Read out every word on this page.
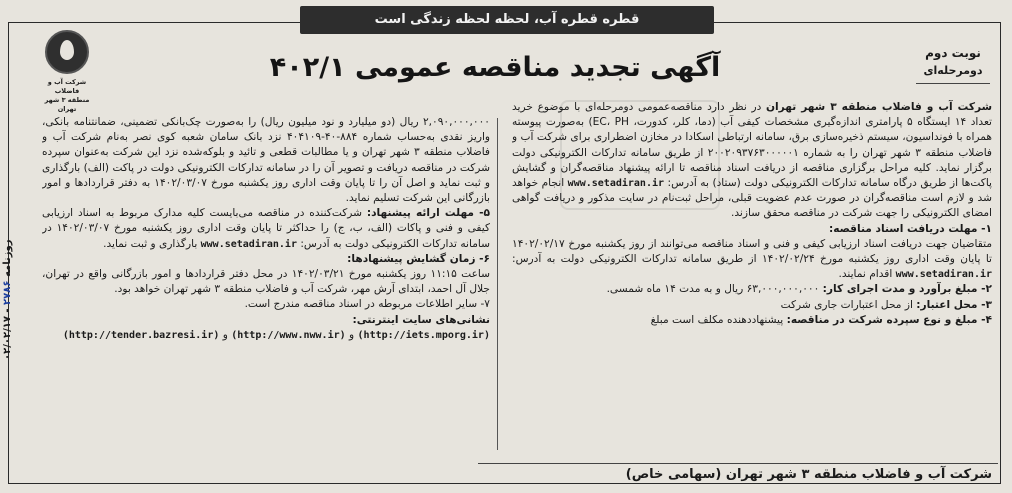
قطره قطره آب، لحظه لحظه زندگی است
شرکت آب و فاضلاب
منطقه ۳ شهر تهران
آگهی تجدید مناقصه عمومی ۴۰۲/۱	نوبت دوم
دومرحله‌ای

شرکت آب و فاضلاب منطقه ۳ شهر تهران در نظر دارد مناقصه‌عمومی دومرحله‌ای با موضوع خرید تعداد ۱۴ ایستگاه ۵ پارامتری اندازه‌گیری مشخصات کیفی آب (دما، کلر، کدورت، EC، PH) به‌صورت پیوسته همراه با فونداسیون، سیستم ذخیره‌سازی برق، سامانه ارتباطی اسکادا در مخازن اضطراری برای شرکت آب و فاضلاب منطقه ۳ شهر تهران را به شماره ۲۰۰۲۰۹۳۷۶۳۰۰۰۰۰۱ از طریق سامانه تدارکات الکترونیکی دولت برگزار نماید. کلیه مراحل برگزاری مناقصه از دریافت اسناد مناقصه تا ارائه پیشنهاد مناقصه‌گران و گشایش پاکت‌ها از طریق درگاه سامانه تدارکات الکترونیکی دولت (ستاد) به آدرس: www.setadiran.ir انجام خواهد شد و لازم است مناقصه‌گران در صورت عدم عضویت قبلی، مراحل ثبت‌نام در سایت مذکور و دریافت گواهی امضای الکترونیکی را جهت شرکت در مناقصه محقق سازند.

۱- مهلت دریافت اسناد مناقصه:

متقاضیان جهت دریافت اسناد ارزیابی کیفی و فنی و اسناد مناقصه می‌توانند از روز یکشنبه مورخ ۱۴۰۲/۰۲/۱۷ تا پایان وقت اداری روز یکشنبه مورخ ۱۴۰۲/۰۲/۲۴ از طریق سامانه تدارکات الکترونیکی دولت به آدرس: www.setadiran.ir اقدام نمایند.

۲- مبلغ برآورد و مدت اجرای کار: ۶۳,۰۰۰,۰۰۰,۰۰۰ ریال و به مدت ۱۴ ماه شمسی.

۳- محل اعتبار: از محل اعتبارات جاری شرکت

۴- مبلغ و نوع سپرده شرکت در مناقصه: پیشنهاددهنده مکلف است مبلغ

۲,۰۹۰,۰۰۰,۰۰۰ ریال (دو میلیارد و نود میلیون ریال) را به‌صورت چک‌بانکی تضمینی، ضمانتنامه بانکی، واریز نقدی به‌حساب شماره ۸۸۴-۴۰-۴۰۴۱۰۹ نزد بانک سامان شعبه کوی نصر به‌نام شرکت آب و فاضلاب منطقه ۳ شهر تهران و یا مطالبات قطعی و تائید و بلوکه‌شده نزد این شرکت به‌عنوان سپرده شرکت در مناقصه دریافت و تصویر آن را در سامانه تدارکات الکترونیکی دولت در پاکت (الف) بارگذاری و ثبت نماید و اصل آن را تا پایان وقت اداری روز یکشنبه مورخ ۱۴۰۲/۰۳/۰۷ به دفتر قراردادها و امور بازرگانی این شرکت تسلیم نماید.

۵- مهلت ارائه پیشنهاد: شرکت‌کننده در مناقصه می‌بایست کلیه مدارک مربوط به اسناد ارزیابی کیفی و فنی و پاکات (الف، ب، ج) را حداکثر تا پایان وقت اداری روز یکشنبه مورخ ۱۴۰۲/۰۳/۰۷ در سامانه تدارکات الکترونیکی دولت به آدرس: www.setadiran.ir بارگذاری و ثبت نماید.

۶- زمان گشایش پیشنهادها:

ساعت ۱۱:۱۵ روز یکشنبه مورخ ۱۴۰۲/۰۳/۲۱ در محل دفتر قراردادها و امور بازرگانی واقع در تهران، جلال آل احمد، ابتدای آرش مهر، شرکت آب و فاضلاب منطقه ۳ شهر تهران خواهد بود.

۷- سایر اطلاعات مربوطه در اسناد مناقصه مندرج است.

نشانی‌های سایت اینترنتی:

(http://iets.mporg.ir) و (http://www.nww.ir) و (http://tender.bazresi.ir)

شرکت آب و فاضلاب منطقه ۳ شهر تهران (سهامی خاص)
۰۲/۰۲/۱۷ - ۲۷۸۶ روزنامه
